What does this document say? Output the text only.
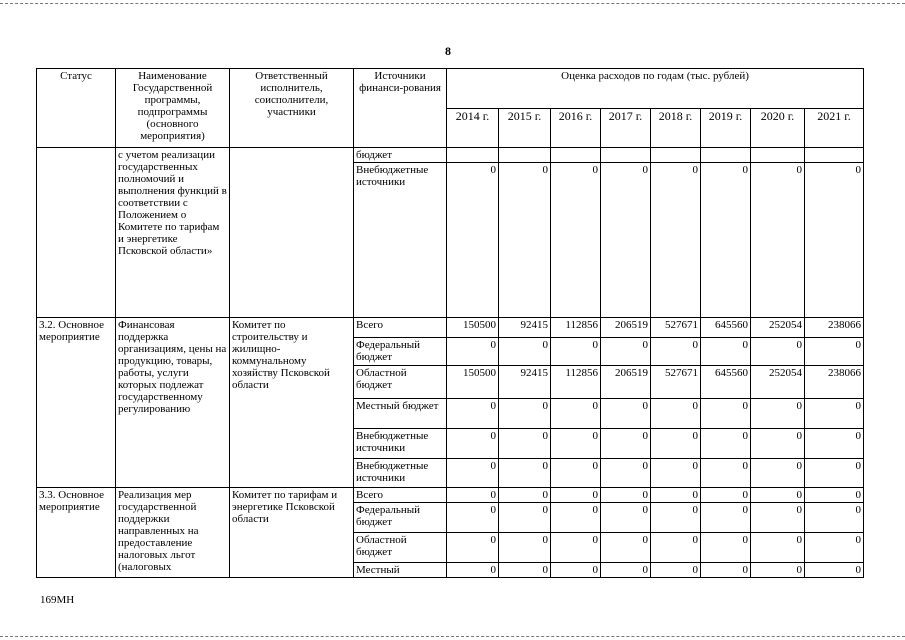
8
Статус	Наименование Государственной программы, подпрограммы (основного мероприятия)	Ответственный исполнитель, соисполнители, участники	Источники финанси-рования	Оценка расходов по годам (тыс. рублей)							
				2014 г.	2015 г.	2016 г.	2017 г.	2018 г.	2019 г.	2020 г.	2021 г.
	с учетом реализации государственных полномочий и выполнения функций в соответствии с Положением о Комитете по тарифам и энергетике Псковской области»		бюджет								
			Внебюджетные источники	0	0	0	0	0	0	0	0
3.2. Основное мероприятие	Финансовая поддержка организациям, цены на продукцию, товары, работы, услуги которых подлежат государственному регулированию	Комитет по строительству и жилищно-коммунальному хозяйству Псковской области	Всего	150500	92415	112856	206519	527671	645560	252054	238066
			Федеральный бюджет	0	0	0	0	0	0	0	0
			Областной бюджет	150500	92415	112856	206519	527671	645560	252054	238066
			Местный бюджет	0	0	0	0	0	0	0	0
			Внебюджетные источники	0	0	0	0	0	0	0	0
			Внебюджетные источники	0	0	0	0	0	0	0	0
3.3. Основное мероприятие	Реализация мер государственной поддержки направленных на предоставление налоговых льгот (налоговых	Комитет по тарифам и энергетике Псковской области	Всего	0	0	0	0	0	0	0	0
			Федеральный бюджет	0	0	0	0	0	0	0	0
			Областной бюджет	0	0	0	0	0	0	0	0
			Местный	0	0	0	0	0	0	0	0
169МН
